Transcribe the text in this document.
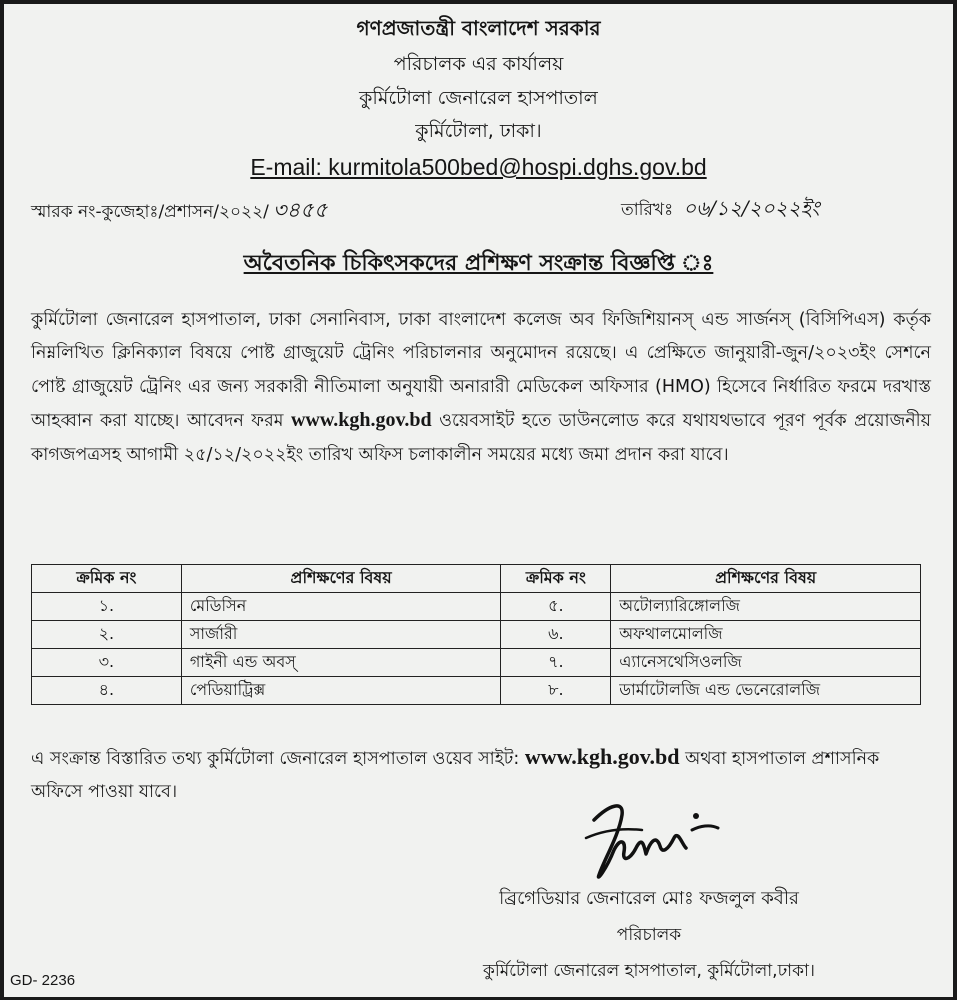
গণপ্রজাতন্ত্রী বাংলাদেশ সরকার
পরিচালক এর কার্যালয়
কুর্মিটোলা জেনারেল হাসপাতাল
কুর্মিটোলা, ঢাকা।
E-mail: kurmitola500bed@hospi.dghs.gov.bd
স্মারক নং-কুজেহাঃ/প্রশাসন/২০২২/ ৩৪৫৫	তারিখঃ ০৬/১২/২০২২ইং
অবৈতনিক চিকিৎসকদের প্রশিক্ষণ সংক্রান্ত বিজ্ঞপ্তি ঃ
কুর্মিটোলা জেনারেল হাসপাতাল, ঢাকা সেনানিবাস, ঢাকা বাংলাদেশ কলেজ অব ফিজিশিয়ানস্ এন্ড সার্জনস্ (বিসিপিএস) কর্তৃক নিম্নলিখিত ক্লিনিক্যাল বিষয়ে পোষ্ট গ্রাজুয়েট ট্রেনিং পরিচালনার অনুমোদন রয়েছে। এ প্রেক্ষিতে জানুয়ারী-জুন/২০২৩ইং সেশনে পোষ্ট গ্রাজুয়েট ট্রেনিং এর জন্য সরকারী নীতিমালা অনুযায়ী অনারারী মেডিকেল অফিসার (HMO) হিসেবে নির্ধারিত ফরমে দরখাস্ত আহব্বান করা যাচ্ছে। আবেদন ফরম www.kgh.gov.bd ওয়েবসাইট হতে ডাউনলোড করে যথাযথভাবে পূরণ পূর্বক প্রয়োজনীয় কাগজপত্রসহ আগামী ২৫/১২/২০২২ইং তারিখ অফিস চলাকালীন সময়ের মধ্যে জমা প্রদান করা যাবে।
ক্রমিক নং	প্রশিক্ষণের বিষয়	ক্রমিক নং	প্রশিক্ষণের বিষয়
১.	মেডিসিন	৫.	অটোল্যারিঙ্গোলজি
২.	সার্জারী	৬.	অফথালমোলজি
৩.	গাইনী এন্ড অবস্	৭.	এ্যানেসথেসিওলজি
৪.	পেডিয়াট্রিক্স	৮.	ডার্মাটোলজি এন্ড ভেনেরোলজি
এ সংক্রান্ত বিস্তারিত তথ্য কুর্মিটোলা জেনারেল হাসপাতাল ওয়েব সাইট: www.kgh.gov.bd অথবা হাসপাতাল প্রশাসনিক অফিসে পাওয়া যাবে।
ব্রিগেডিয়ার জেনারেল মোঃ ফজলুল কবীর
পরিচালক
কুর্মিটোলা জেনারেল হাসপাতাল, কুর্মিটোলা,ঢাকা।
GD- 2236
